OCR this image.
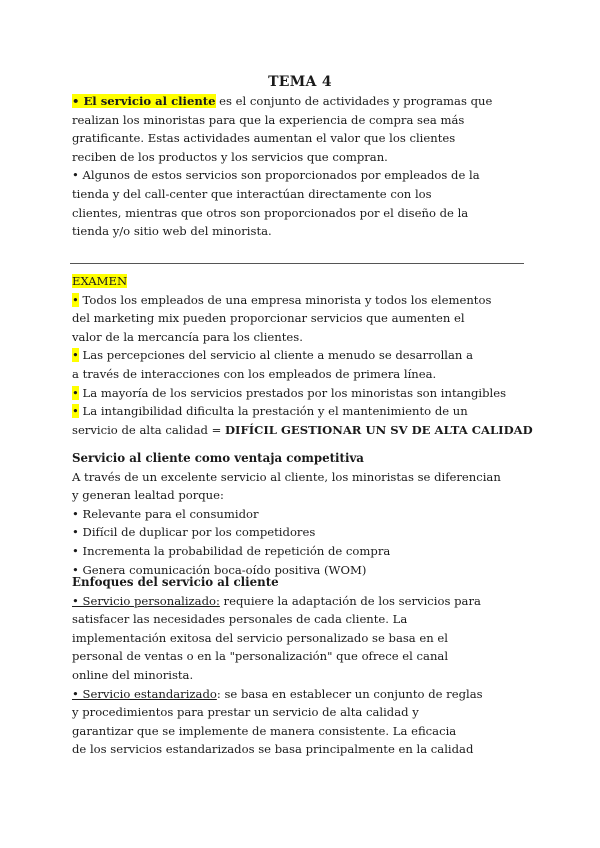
TEMA 4
• El servicio al cliente es el conjunto de actividades y programas que
realizan los minoristas para que la experiencia de compra sea más
gratificante. Estas actividades aumentan el valor que los clientes
reciben de los productos y los servicios que compran.
• Algunos de estos servicios son proporcionados por empleados de la
tienda y del call-center que interactúan directamente con los
clientes, mientras que otros son proporcionados por el diseño de la
tienda y/o sitio web del minorista.
EXAMEN
• Todos los empleados de una empresa minorista y todos los elementos
del marketing mix pueden proporcionar servicios que aumenten el
valor de la mercancía para los clientes.
• Las percepciones del servicio al cliente a menudo se desarrollan a
a través de interacciones con los empleados de primera línea.
• La mayoría de los servicios prestados por los minoristas son intangibles
• La intangibilidad dificulta la prestación y el mantenimiento de un
servicio de alta calidad = DIFÍCIL GESTIONAR UN SV DE ALTA CALIDAD
Servicio al cliente como ventaja competitiva
A través de un excelente servicio al cliente, los minoristas se diferencian
y generan lealtad porque:
• Relevante para el consumidor
• Difícil de duplicar por los competidores
• Incrementa la probabilidad de repetición de compra
• Genera comunicación boca-oído positiva (WOM)
Enfoques del servicio al cliente
• Servicio personalizado: requiere la adaptación de los servicios para
satisfacer las necesidades personales de cada cliente. La
implementación exitosa del servicio personalizado se basa en el
personal de ventas o en la "personalización" que ofrece el canal
online del minorista.
• Servicio estandarizado: se basa en establecer un conjunto de reglas
y procedimientos para prestar un servicio de alta calidad y
garantizar que se implemente de manera consistente. La eficacia
de los servicios estandarizados se basa principalmente en la calidad
